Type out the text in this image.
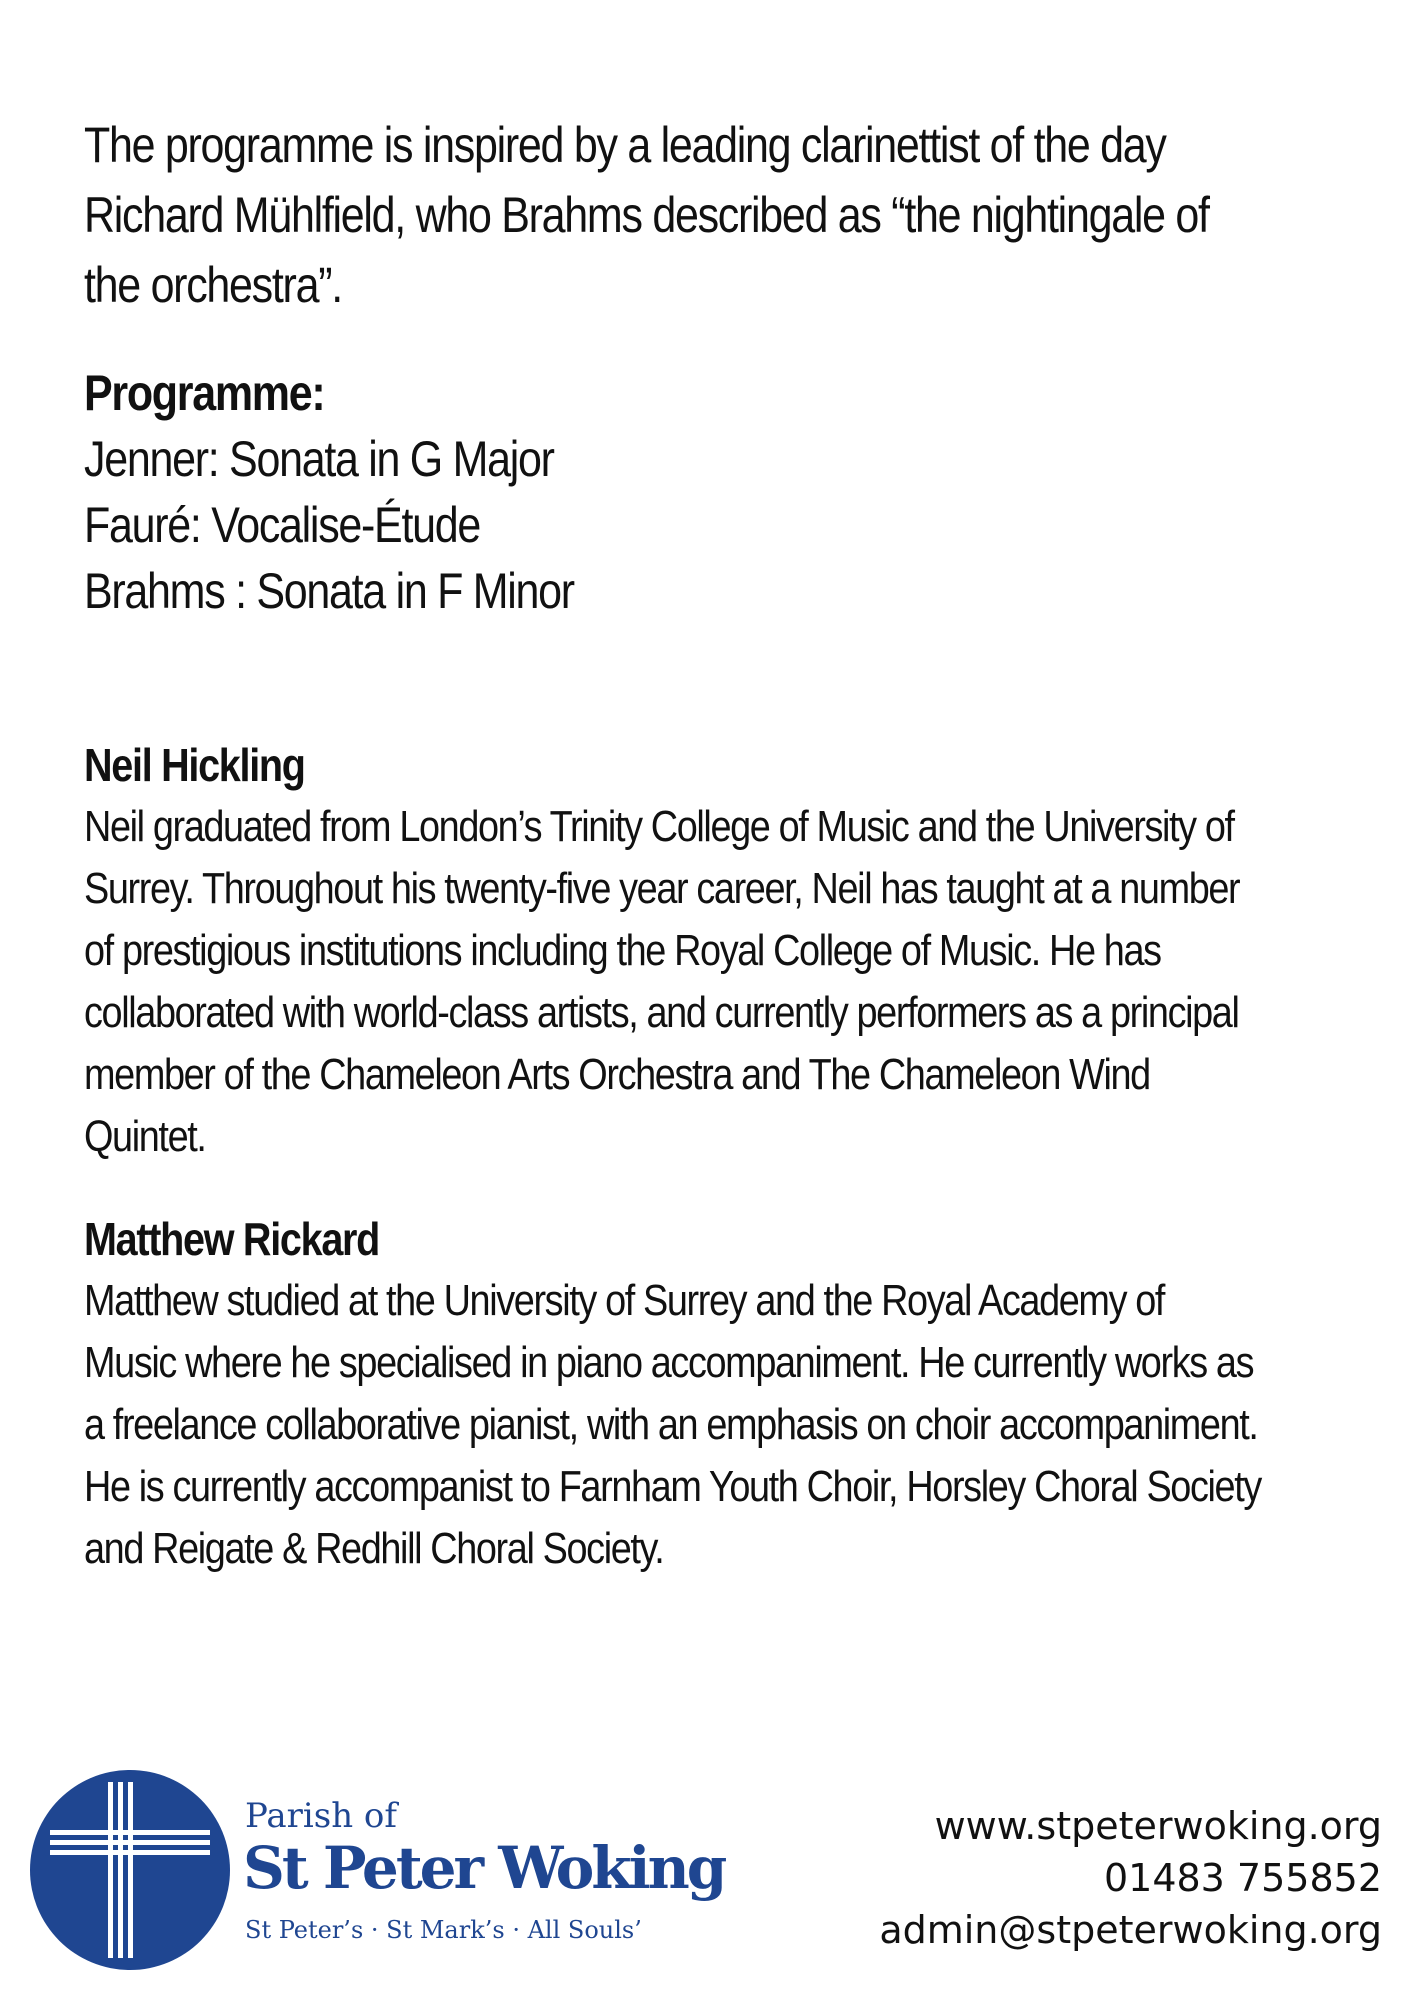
The programme is inspired by a leading clarinettist of the day Richard Mühlfield, who Brahms described as “the nightingale of the orchestra”.

Programme:
Jenner: Sonata in G Major
Fauré: Vocalise-Étude
Brahms : Sonata in F Minor
Neil Hickling

Neil graduated from London’s Trinity College of Music and the University of Surrey. Throughout his twenty-five year career, Neil has taught at a number of prestigious institutions including the Royal College of Music. He has collaborated with world-class artists, and currently performers as a principal member of the Chameleon Arts Orchestra and The Chameleon Wind Quintet.

Matthew Rickard

Matthew studied at the University of Surrey and the Royal Academy of Music where he specialised in piano accompaniment. He currently works as a freelance collaborative pianist, with an emphasis on choir accompaniment. He is currently accompanist to Farnham Youth Choir, Horsley Choral Society and Reigate & Redhill Choral Society.

Parish of
St Peter Woking
St Peter’s · St Mark’s · All Souls’
www.stpeterwoking.org
01483 755852
admin@stpeterwoking.org
